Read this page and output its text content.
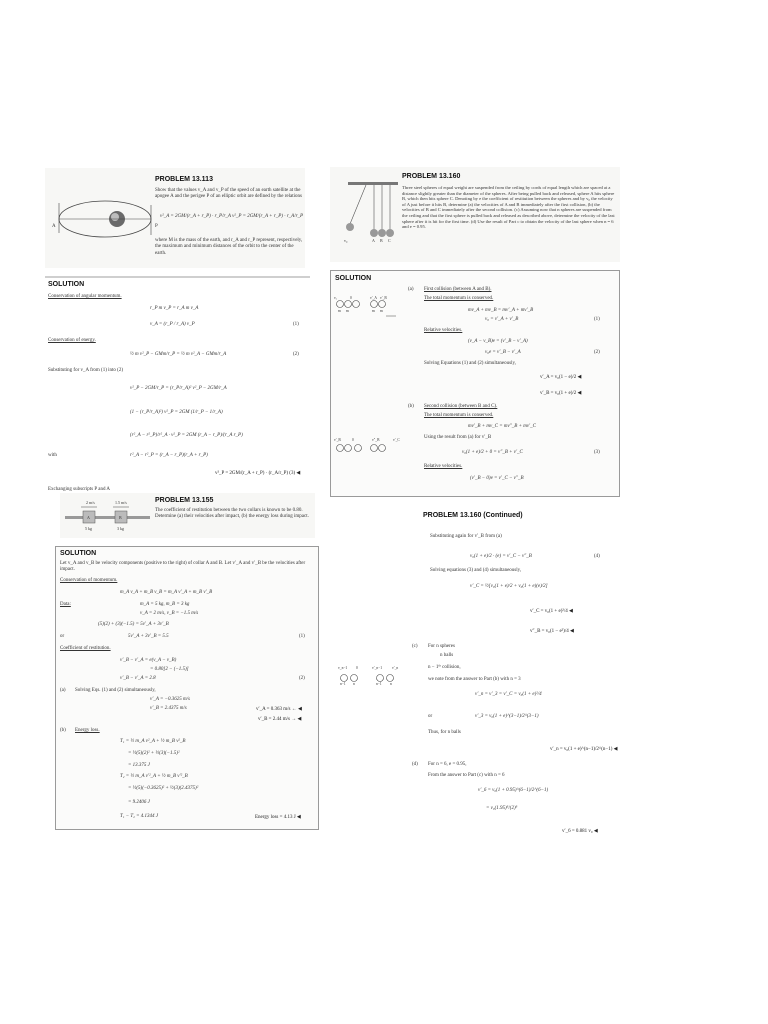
PROBLEM 13.113
Show that the values v_A and v_P of the speed of an earth satellite at the apogee A and the perigee P of an elliptic orbit are defined by the relations
v²_A = 2GM/(r_A + r_P) · r_P/r_A v²_P = 2GM/(r_A + r_P) · r_A/r_P
where M is the mass of the earth, and r_A and r_P represent, respectively, the maximum and minimum distances of the orbit to the center of the earth.
A	P
SOLUTION
Conservation of angular momentum.
r_P m v_P = r_A m v_A
v_A = (r_P / r_A) v_P	(1)
Conservation of energy.
½ m v²_P − GMm/r_P = ½ m v²_A − GMm/r_A	(2)
Substituting for v_A from (1) into (2)
v²_P − 2GM/r_P = (r_P/r_A)² v²_P − 2GM/r_A
(1 − (r_P/r_A)²) v²_P = 2GM (1/r_P − 1/r_A)
(r²_A − r²_P)/r²_A · v²_P = 2GM (r_A − r_P)/(r_A r_P)
with	r²_A − r²_P = (r_A − r_P)(r_A + r_P)
v²_P = 2GM/(r_A + r_P) · (r_A/r_P) (3) ◀
Exchanging subscripts P and A
PROBLEM 13.155
The coefficient of restitution between the two collars is known to be 0.80. Determine (a) their velocities after impact, (b) the energy loss during impact.
2 m/s	1.5 m/s
A	B
5 kg	3 kg
SOLUTION
Let v_A and v_B be velocity components (positive to the right) of collar A and B. Let v′_A and v′_B be the velocities after impact.
Conservation of momentum.
m_A v_A + m_B v_B = m_A v′_A + m_B v′_B
Data:	m_A = 5 kg, m_B = 3 kg
v_A = 2 m/s, v_B = −1.5 m/s
(5)(2) + (3)(−1.5) = 5v′_A + 3v′_B
or	5v′_A + 3v′_B = 5.5	(1)
Coefficient of restitution.
v′_B − v′_A = e(v_A − v_B)
= 0.80[2 − (−1.5)]
v′_B − v′_A = 2.8	(2)
(a) Solving Eqs. (1) and (2) simultaneously,
v′_A = −0.3625 m/s
v′_B = 2.4375 m/s	v′_A = 0.363 m/s ← ◀
v′_B = 2.44 m/s → ◀
(b) Energy loss.
T₁ = ½ m_A v²_A + ½ m_B v²_B
= ½(5)(2)² + ½(3)(−1.5)²
= 13.375 J
T₂ = ½ m_A v′²_A + ½ m_B v′²_B
= ½(5)(−0.3625)² + ½(3)(2.4375)²
= 9.2406 J
T₁ − T₂ = 4.1344 J	Energy loss = 4.13 J ◀
PROBLEM 13.160
Three steel spheres of equal weight are suspended from the ceiling by cords of equal length which are spaced at a distance slightly greater than the diameter of the spheres. After being pulled back and released, sphere A hits sphere B, which then hits sphere C. Denoting by e the coefficient of restitution between the spheres and by v₀ the velocity of A just before it hits B, determine (a) the velocities of A and B immediately after the first collision, (b) the velocities of B and C immediately after the second collision. (c) Assuming now that n spheres are suspended from the ceiling and that the first sphere is pulled back and released as described above, determine the velocity of the last sphere after it is hit for the first time. (d) Use the result of Part c to obtain the velocity of the last sphere when n = 6 and e = 0.95.
v₀	A B C
SOLUTION
(a) First collision (between A and B).
The total momentum is conserved.
mv_A + mv_B = mv′_A + mv′_B
v₀ = v′_A + v′_B	(1)
Relative velocities.
(v_A − v_B)e = (v′_B − v′_A)
v₀e = v′_B − v′_A	(2)
Solving Equations (1) and (2) simultaneously,
v′_A = v₀(1 − e)/2 ◀
v′_B = v₀(1 + e)/2 ◀
v₀	0	v′_A v′_B
m m	m m
(b) Second collision (between B and C).
The total momentum is conserved.
mv′_B + mv_C = mv″_B + mv′_C
Using the result from (a) for v′_B
v₀(1 + e)/2 + 0 = v″_B + v′_C	(3)
Relative velocities.
(v′_B − 0)e = v′_C − v″_B
v′_B	0	v″_B	v′_C
PROBLEM 13.160 (Continued)
Substituting again for v′_B from (a)
v₀(1 + e)/2 · (e) = v′_C − v″_B	(4)
Solving equations (3) and (4) simultaneously,
v′_C = ½[v₀(1 + e)/2 + v₀(1 + e)(e)/2]
v′_C = v₀(1 + e)²/4 ◀
v″_B = v₀(1 − e²)/4 ◀
(c) For n spheres
n balls
n − 1ᵗʰ collision,
we note from the answer to Part (b) with n = 3
v′_n = v′_3 = v′_C = v₀(1 + e)²/4
or	v′_3 = v₀(1 + e)^(3−1)/2^(3−1)
Thus, for n balls
v′_n = v₀(1 + e)^(n−1)/2^(n−1) ◀
v_n−1 0	v′_n−1	v′_n
n−1 n	n−1 n
(d) For n = 6, e = 0.95,
From the answer to Part (c) with n = 6
v′_6 = v₀(1 + 0.95)^(6−1)/2^(6−1)
= v₀(1.95)⁵/(2)⁵
v′_6 = 0.881 v₀ ◀
